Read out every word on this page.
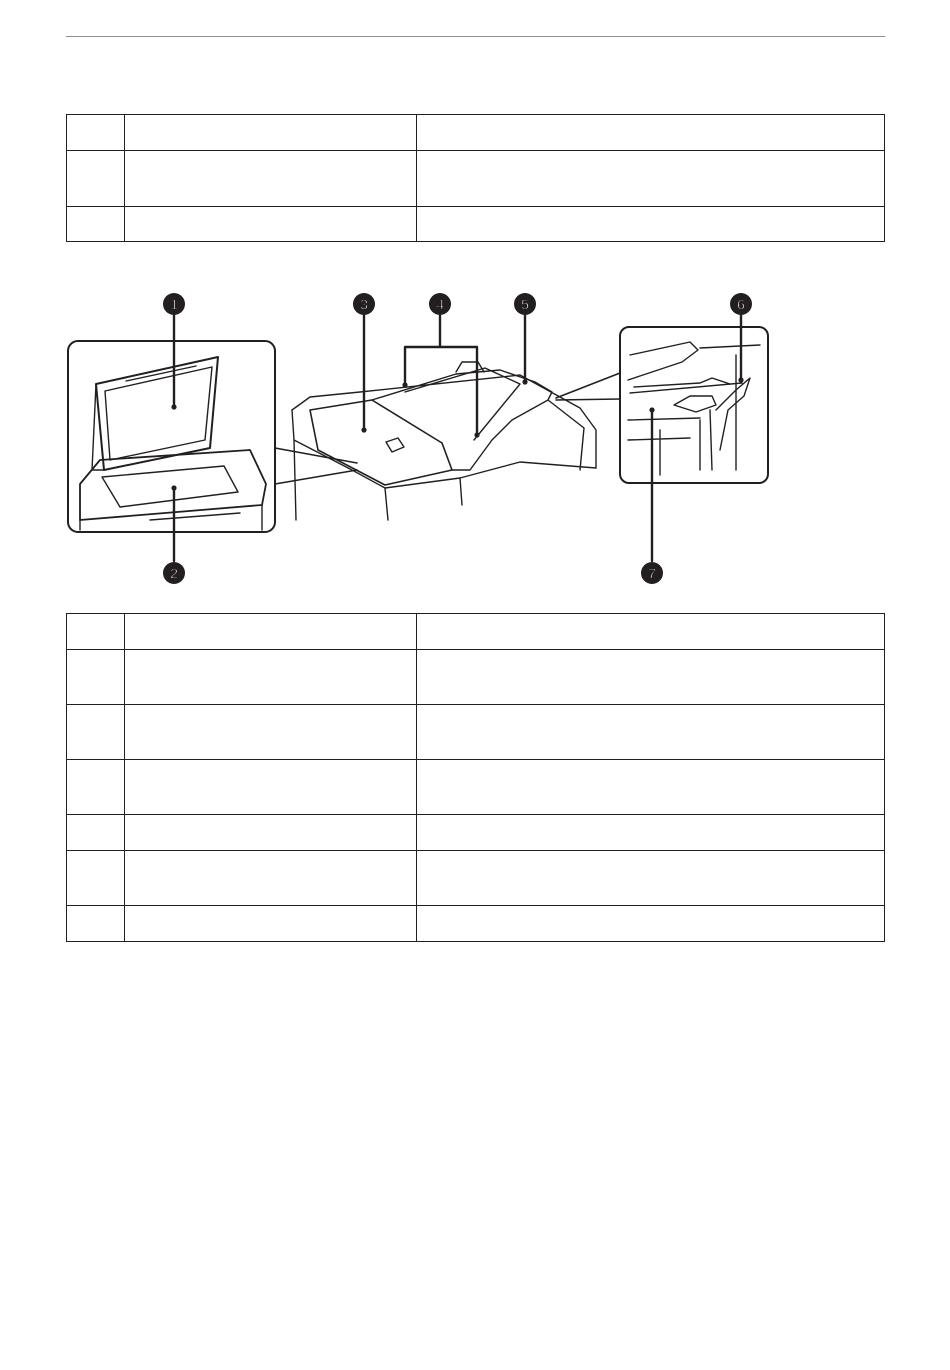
1
2
3	4	5	6
7
